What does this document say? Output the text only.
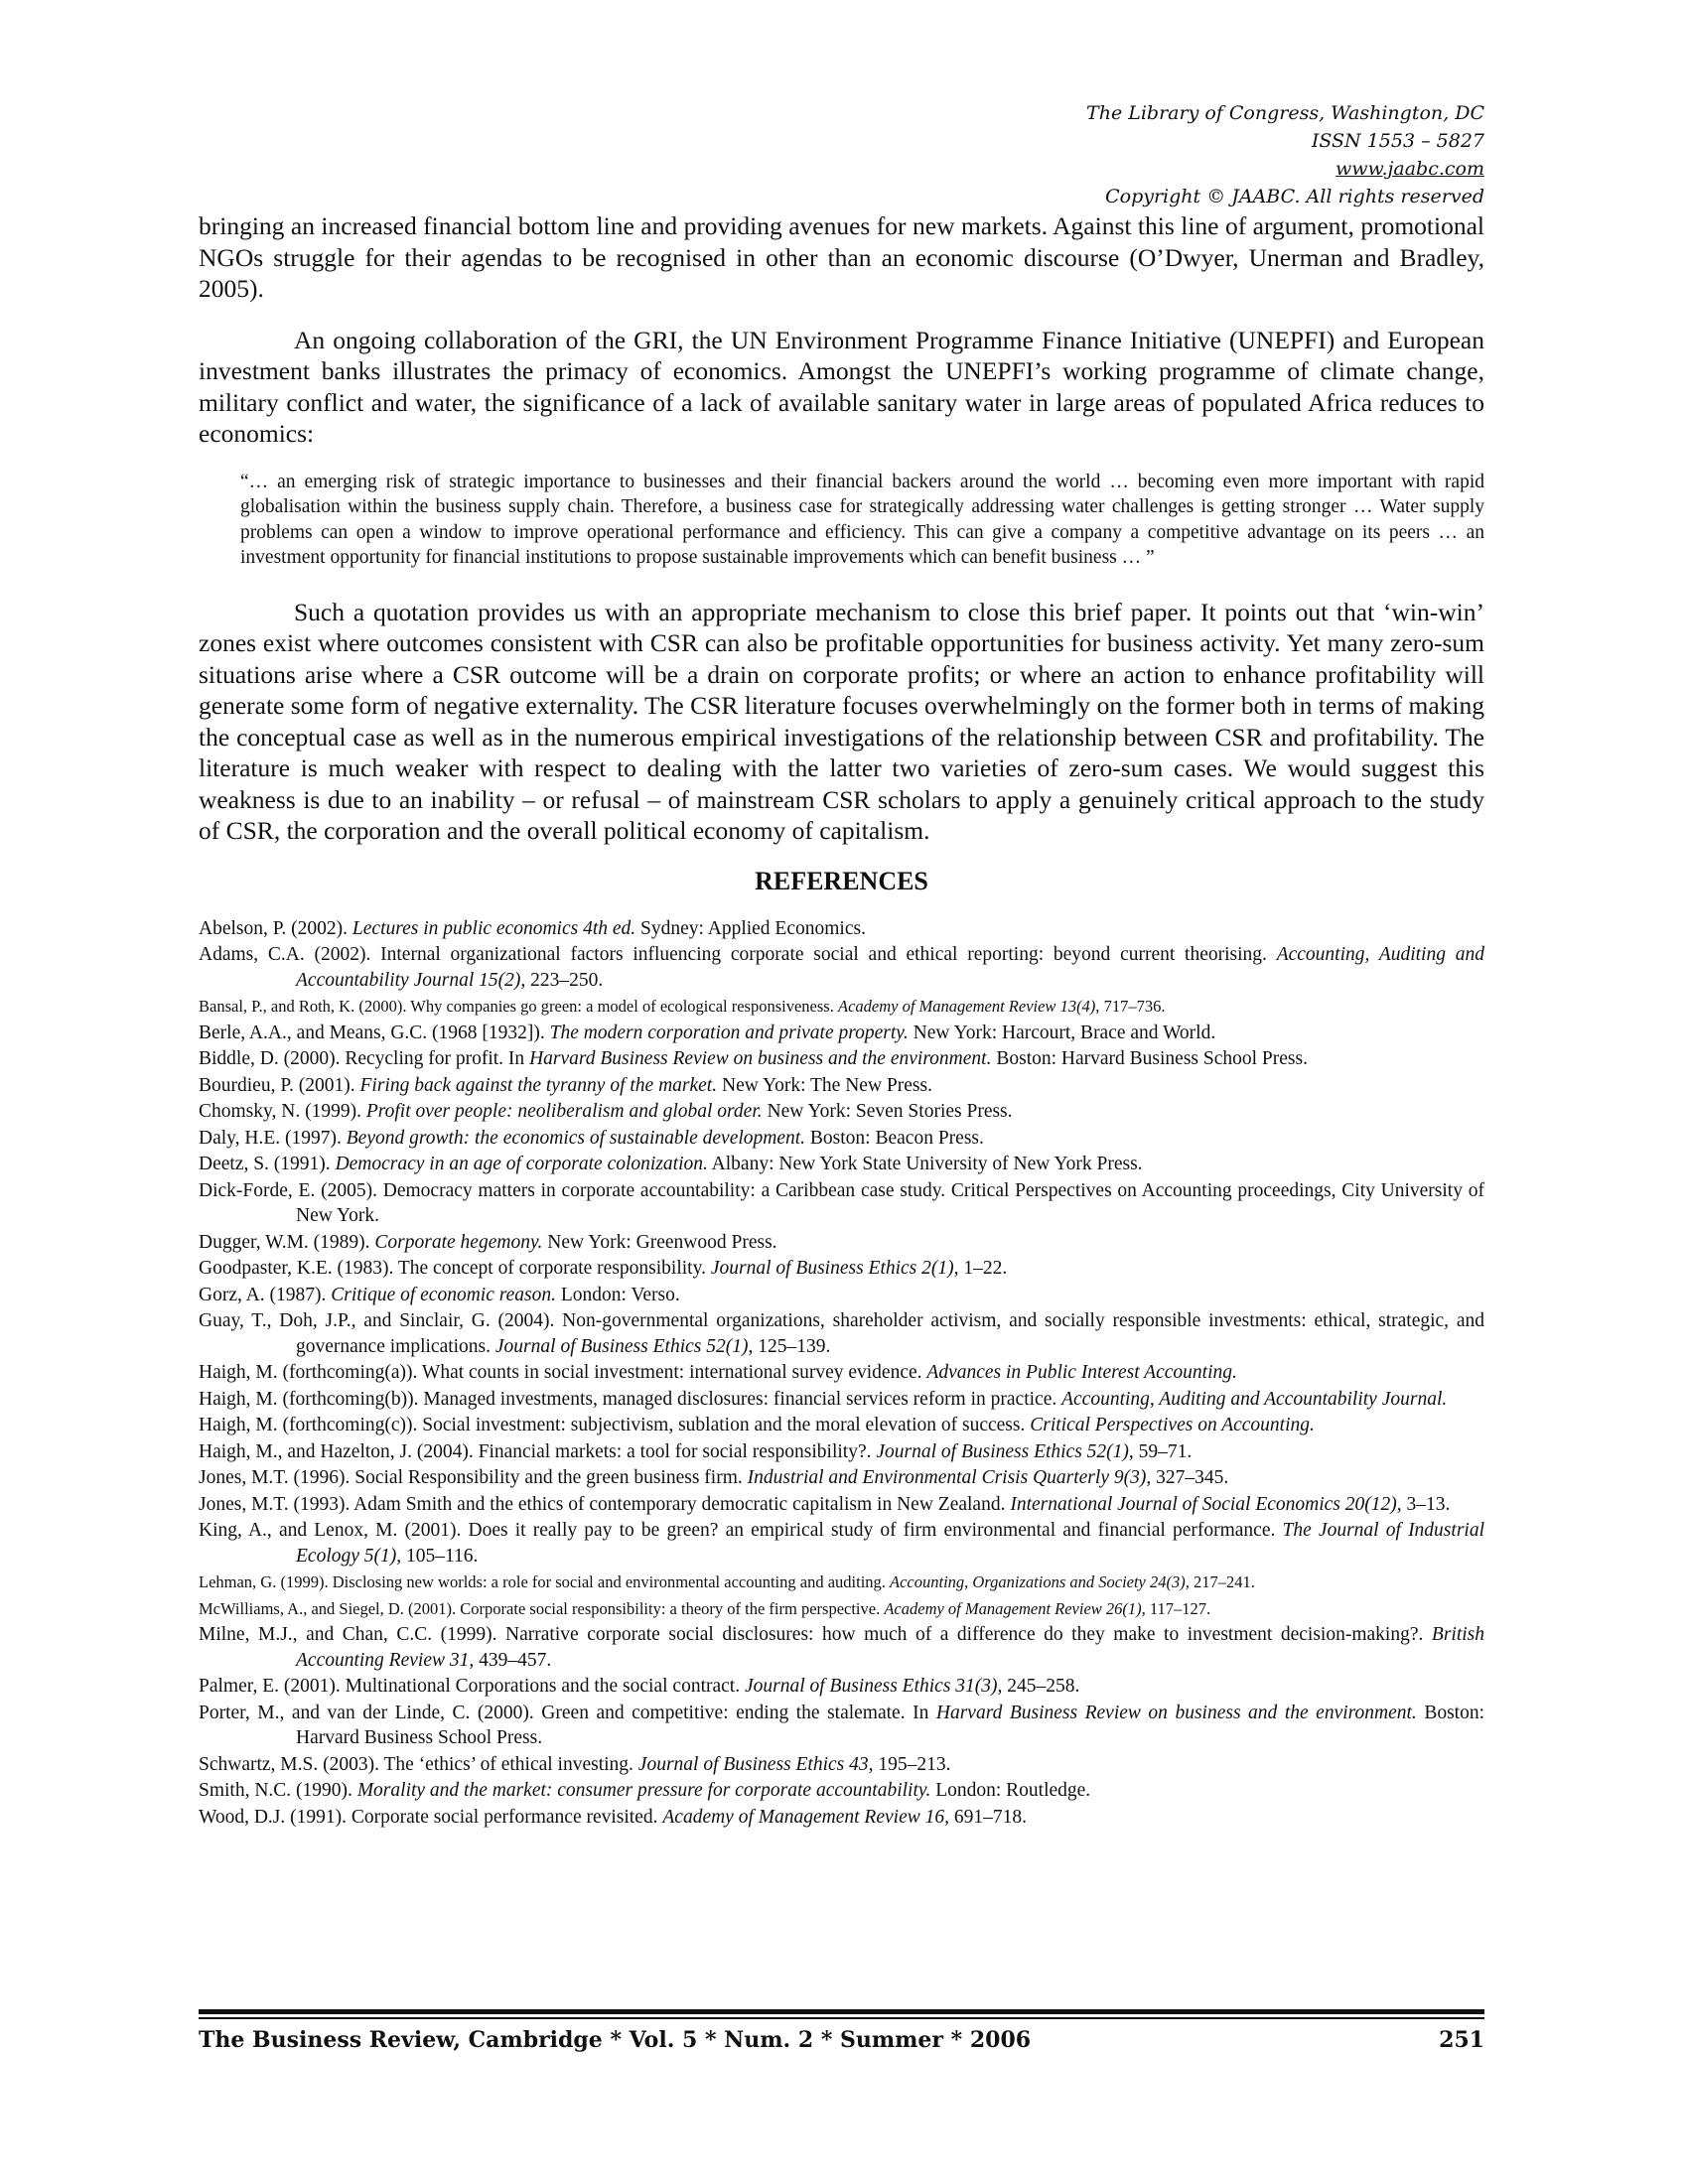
The Library of Congress, Washington, DC
ISSN 1553 – 5827
www.jaabc.com
Copyright © JAABC. All rights reserved

bringing an increased financial bottom line and providing avenues for new markets. Against this line of argument, promotional NGOs struggle for their agendas to be recognised in other than an economic discourse (O’Dwyer, Unerman and Bradley, 2005).

An ongoing collaboration of the GRI, the UN Environment Programme Finance Initiative (UNEPFI) and European investment banks illustrates the primacy of economics. Amongst the UNEPFI’s working programme of climate change, military conflict and water, the significance of a lack of available sanitary water in large areas of populated Africa reduces to economics:

“… an emerging risk of strategic importance to businesses and their financial backers around the world … becoming even more important with rapid globalisation within the business supply chain. Therefore, a business case for strategically addressing water challenges is getting stronger … Water supply problems can open a window to improve operational performance and efficiency. This can give a company a competitive advantage on its peers … an investment opportunity for financial institutions to propose sustainable improvements which can benefit business … ”

Such a quotation provides us with an appropriate mechanism to close this brief paper. It points out that ‘win-win’ zones exist where outcomes consistent with CSR can also be profitable opportunities for business activity. Yet many zero-sum situations arise where a CSR outcome will be a drain on corporate profits; or where an action to enhance profitability will generate some form of negative externality. The CSR literature focuses overwhelmingly on the former both in terms of making the conceptual case as well as in the numerous empirical investigations of the relationship between CSR and profitability. The literature is much weaker with respect to dealing with the latter two varieties of zero-sum cases. We would suggest this weakness is due to an inability – or refusal – of mainstream CSR scholars to apply a genuinely critical approach to the study of CSR, the corporation and the overall political economy of capitalism.

REFERENCES
Abelson, P. (2002). Lectures in public economics 4th ed. Sydney: Applied Economics.
Adams, C.A. (2002). Internal organizational factors influencing corporate social and ethical reporting: beyond current theorising. Accounting, Auditing and Accountability Journal 15(2), 223–250.
Bansal, P., and Roth, K. (2000). Why companies go green: a model of ecological responsiveness. Academy of Management Review 13(4), 717–736.
Berle, A.A., and Means, G.C. (1968 [1932]). The modern corporation and private property. New York: Harcourt, Brace and World.
Biddle, D. (2000). Recycling for profit. In Harvard Business Review on business and the environment. Boston: Harvard Business School Press.
Bourdieu, P. (2001). Firing back against the tyranny of the market. New York: The New Press.
Chomsky, N. (1999). Profit over people: neoliberalism and global order. New York: Seven Stories Press.
Daly, H.E. (1997). Beyond growth: the economics of sustainable development. Boston: Beacon Press.
Deetz, S. (1991). Democracy in an age of corporate colonization. Albany: New York State University of New York Press.
Dick-Forde, E. (2005). Democracy matters in corporate accountability: a Caribbean case study. Critical Perspectives on Accounting proceedings, City University of New York.
Dugger, W.M. (1989). Corporate hegemony. New York: Greenwood Press.
Goodpaster, K.E. (1983). The concept of corporate responsibility. Journal of Business Ethics 2(1), 1–22.
Gorz, A. (1987). Critique of economic reason. London: Verso.
Guay, T., Doh, J.P., and Sinclair, G. (2004). Non-governmental organizations, shareholder activism, and socially responsible investments: ethical, strategic, and governance implications. Journal of Business Ethics 52(1), 125–139.
Haigh, M. (forthcoming(a)). What counts in social investment: international survey evidence. Advances in Public Interest Accounting.
Haigh, M. (forthcoming(b)). Managed investments, managed disclosures: financial services reform in practice. Accounting, Auditing and Accountability Journal.
Haigh, M. (forthcoming(c)). Social investment: subjectivism, sublation and the moral elevation of success. Critical Perspectives on Accounting.
Haigh, M., and Hazelton, J. (2004). Financial markets: a tool for social responsibility?. Journal of Business Ethics 52(1), 59–71.
Jones, M.T. (1996). Social Responsibility and the green business firm. Industrial and Environmental Crisis Quarterly 9(3), 327–345.
Jones, M.T. (1993). Adam Smith and the ethics of contemporary democratic capitalism in New Zealand. International Journal of Social Economics 20(12), 3–13.
King, A., and Lenox, M. (2001). Does it really pay to be green? an empirical study of firm environmental and financial performance. The Journal of Industrial Ecology 5(1), 105–116.
Lehman, G. (1999). Disclosing new worlds: a role for social and environmental accounting and auditing. Accounting, Organizations and Society 24(3), 217–241.
McWilliams, A., and Siegel, D. (2001). Corporate social responsibility: a theory of the firm perspective. Academy of Management Review 26(1), 117–127.
Milne, M.J., and Chan, C.C. (1999). Narrative corporate social disclosures: how much of a difference do they make to investment decision-making?. British Accounting Review 31, 439–457.
Palmer, E. (2001). Multinational Corporations and the social contract. Journal of Business Ethics 31(3), 245–258.
Porter, M., and van der Linde, C. (2000). Green and competitive: ending the stalemate. In Harvard Business Review on business and the environment. Boston: Harvard Business School Press.
Schwartz, M.S. (2003). The ‘ethics’ of ethical investing. Journal of Business Ethics 43, 195–213.
Smith, N.C. (1990). Morality and the market: consumer pressure for corporate accountability. London: Routledge.
Wood, D.J. (1991). Corporate social performance revisited. Academy of Management Review 16, 691–718.
The Business Review, Cambridge * Vol. 5 * Num. 2 * Summer * 2006	251
